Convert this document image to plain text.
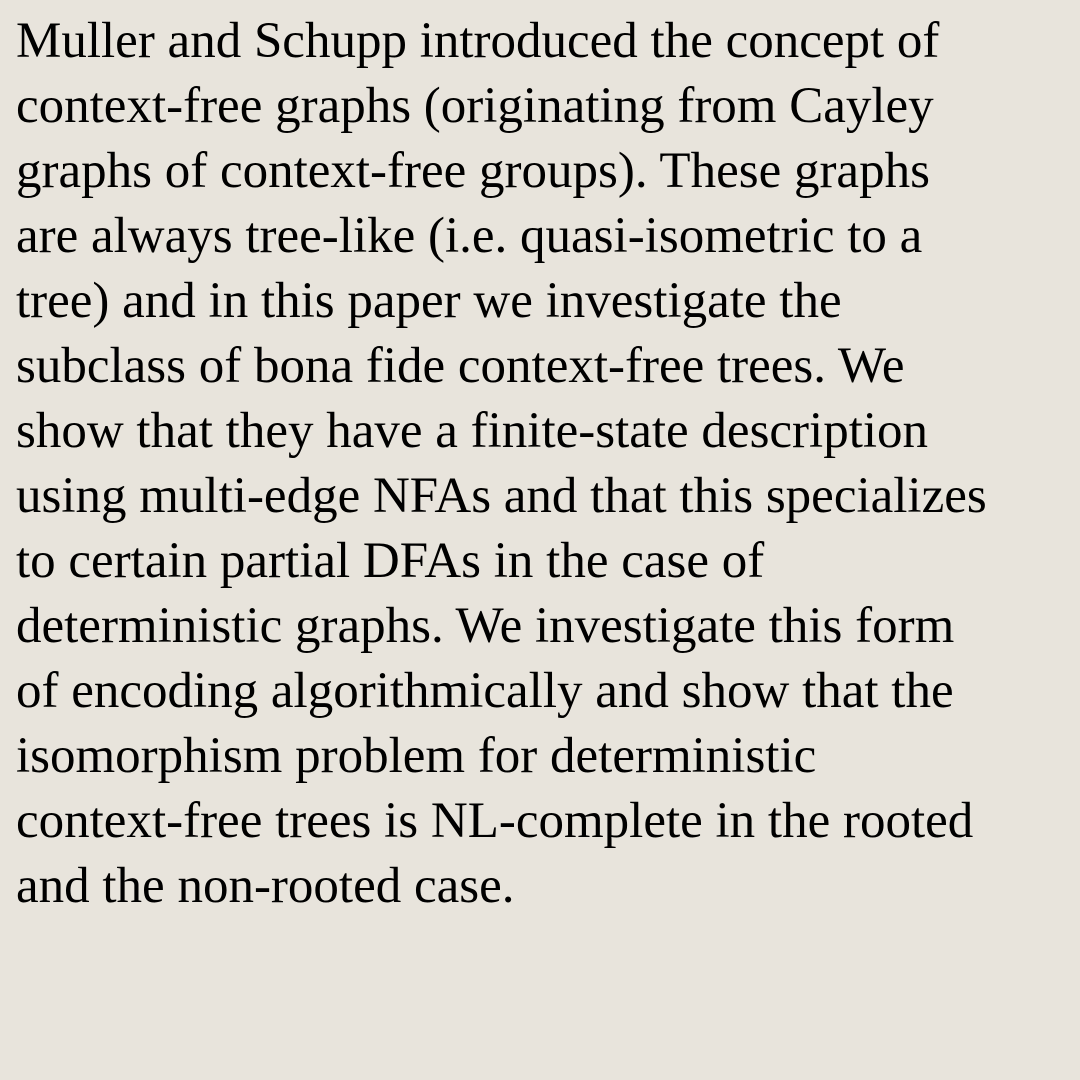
Muller and Schupp introduced the concept of
context-free graphs (originating from Cayley
graphs of context-free groups). These graphs
are always tree-like (i.e. quasi-isometric to a
tree) and in this paper we investigate the
subclass of bona fide context-free trees. We
show that they have a finite-state description
using multi-edge NFAs and that this specializes
to certain partial DFAs in the case of
deterministic graphs. We investigate this form
of encoding algorithmically and show that the
isomorphism problem for deterministic
context-free trees is NL-complete in the rooted
and the non-rooted case.
